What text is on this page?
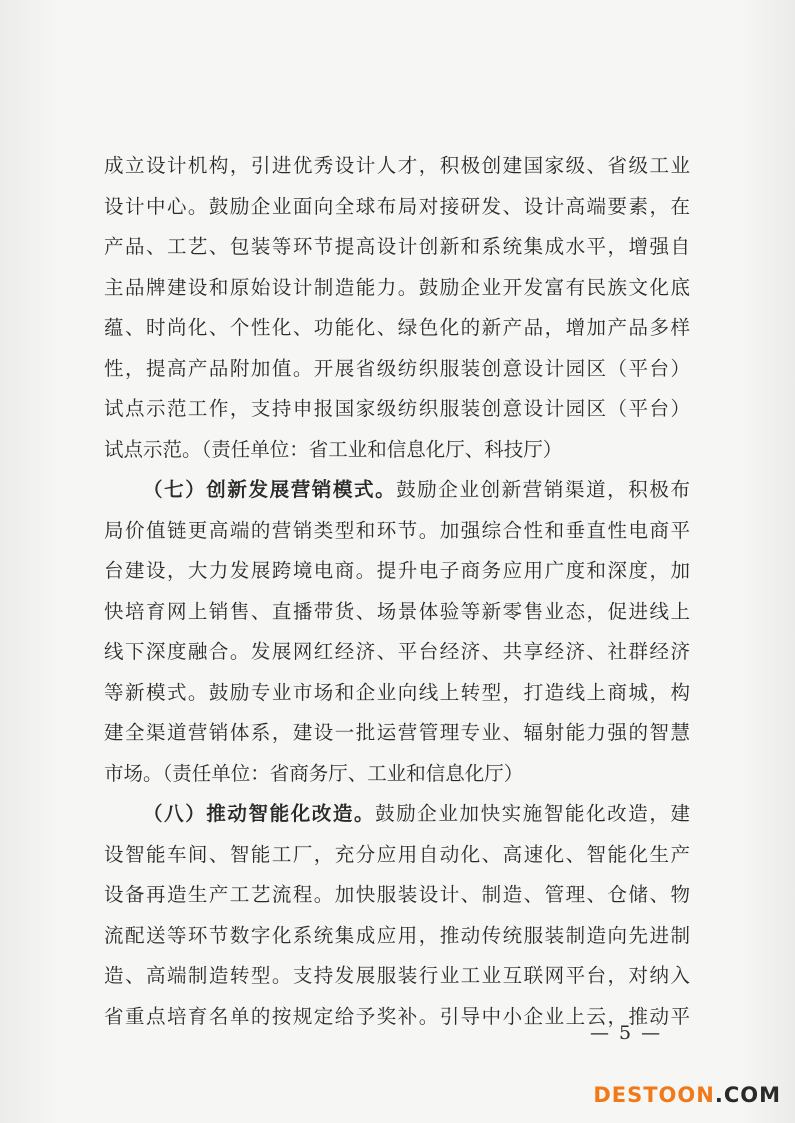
成立设计机构，引进优秀设计人才，积极创建国家级、省级工业
设计中心。鼓励企业面向全球布局对接研发、设计高端要素，在
产品、工艺、包装等环节提高设计创新和系统集成水平，增强自
主品牌建设和原始设计制造能力。鼓励企业开发富有民族文化底
蕴、时尚化、个性化、功能化、绿色化的新产品，增加产品多样
性，提高产品附加值。开展省级纺织服装创意设计园区（平台）
试点示范工作，支持申报国家级纺织服装创意设计园区（平台）
试点示范。（责任单位：省工业和信息化厅、科技厅）
（七）创新发展营销模式。鼓励企业创新营销渠道，积极布
局价值链更高端的营销类型和环节。加强综合性和垂直性电商平
台建设，大力发展跨境电商。提升电子商务应用广度和深度，加
快培育网上销售、直播带货、场景体验等新零售业态，促进线上
线下深度融合。发展网红经济、平台经济、共享经济、社群经济
等新模式。鼓励专业市场和企业向线上转型，打造线上商城，构
建全渠道营销体系，建设一批运营管理专业、辐射能力强的智慧
市场。（责任单位：省商务厅、工业和信息化厅）
（八）推动智能化改造。鼓励企业加快实施智能化改造，建
设智能车间、智能工厂，充分应用自动化、高速化、智能化生产
设备再造生产工艺流程。加快服装设计、制造、管理、仓储、物
流配送等环节数字化系统集成应用，推动传统服装制造向先进制
造、高端制造转型。支持发展服装行业工业互联网平台，对纳入
省重点培育名单的按规定给予奖补。引导中小企业上云，推动平
— 5 —
DESTOON.COM
